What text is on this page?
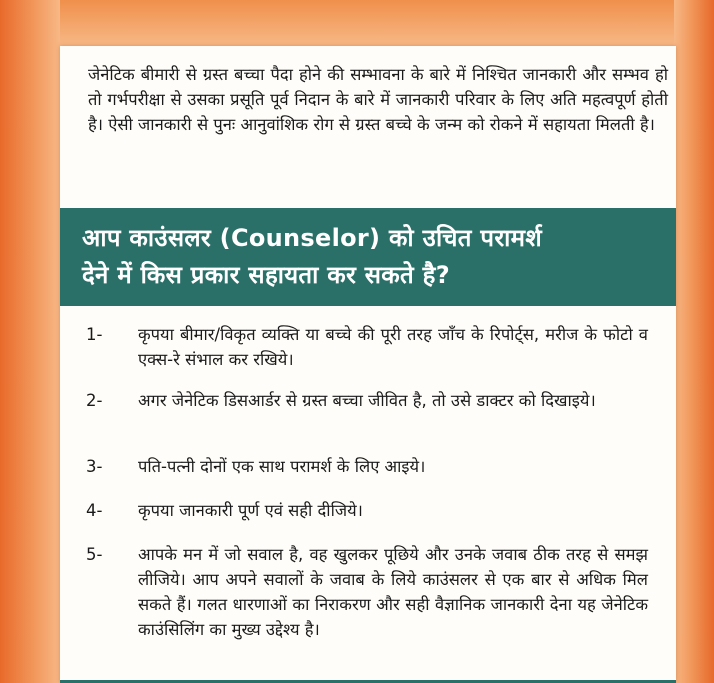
जेनेटिक बीमारी से ग्रस्त बच्चा पैदा होने की सम्भावना के बारे में निश्चित जानकारी और सम्भव हो तो गर्भपरीक्षा से उसका प्रसूति पूर्व निदान के बारे में जानकारी परिवार के लिए अति महत्वपूर्ण होती है। ऐसी जानकारी से पुनः आनुवांशिक रोग से ग्रस्त बच्चे के जन्म को रोकने में सहायता मिलती है।

आप काउंसलर (Counselor) को उचित परामर्श
देने में किस प्रकार सहायता कर सकते है?

1- कृपया बीमार/विकृत व्यक्ति या बच्चे की पूरी तरह जाँच के रिपोर्ट्स, मरीज के फोटो व एक्स-रे संभाल कर रखिये।

2- अगर जेनेटिक डिसआर्डर से ग्रस्त बच्चा जीवित है, तो उसे डाक्टर को दिखाइये।

3- पति-पत्नी दोनों एक साथ परामर्श के लिए आइये।

4- कृपया जानकारी पूर्ण एवं सही दीजिये।

5- आपके मन में जो सवाल है, वह खुलकर पूछिये और उनके जवाब ठीक तरह से समझ लीजिये। आप अपने सवालों के जवाब के लिये काउंसलर से एक बार से अधिक मिल सकते हैं। गलत धारणाओं का निराकरण और सही वैज्ञानिक जानकारी देना यह जेनेटिक काउंसिलिंग का मुख्य उद्देश्य है।
